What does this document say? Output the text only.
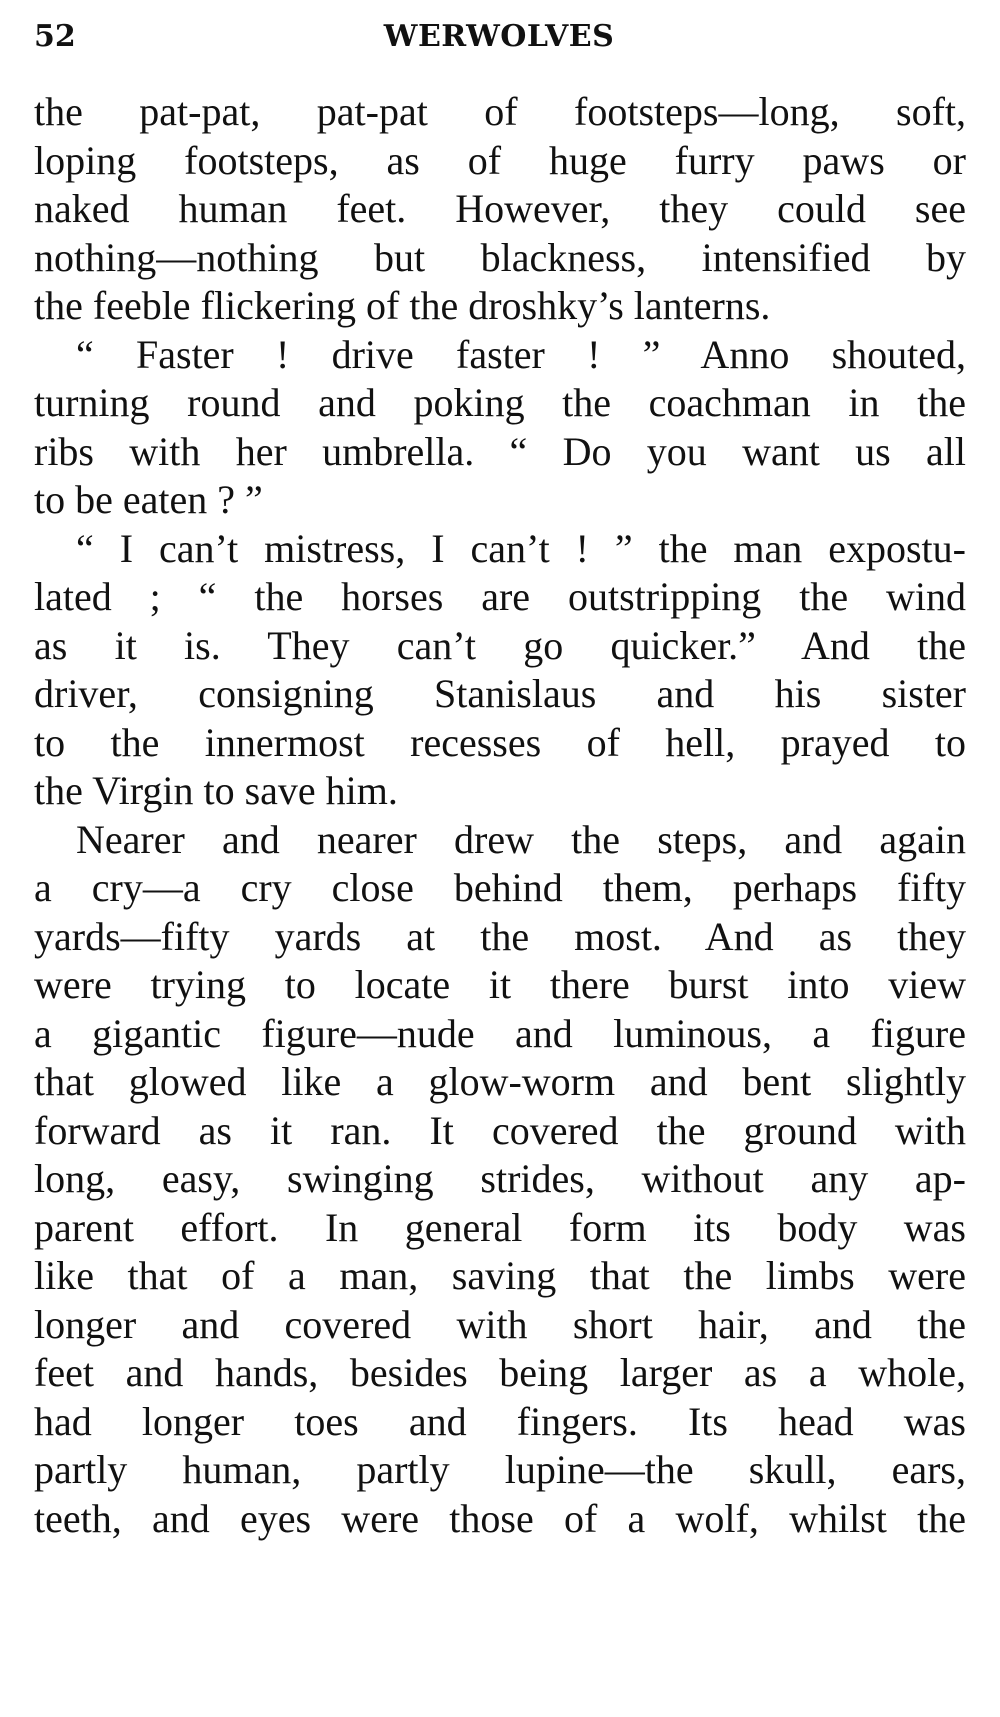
52	WERWOLVES
the pat-pat, pat-pat of footsteps—long, soft,
loping footsteps, as of huge furry paws or
naked human feet. However, they could see
nothing—nothing but blackness, intensified by
the feeble flickering of the droshky’s lanterns.
“ Faster ! drive faster ! ” Anno shouted,
turning round and poking the coachman in the
ribs with her umbrella. “ Do you want us all
to be eaten ? ”
“ I can’t mistress, I can’t ! ” the man expostu-
lated ; “ the horses are outstripping the wind
as it is. They can’t go quicker.” And the
driver, consigning Stanislaus and his sister
to the innermost recesses of hell, prayed to
the Virgin to save him.
Nearer and nearer drew the steps, and again
a cry—a cry close behind them, perhaps fifty
yards—fifty yards at the most. And as they
were trying to locate it there burst into view
a gigantic figure—nude and luminous, a figure
that glowed like a glow-worm and bent slightly
forward as it ran. It covered the ground with
long, easy, swinging strides, without any ap-
parent effort. In general form its body was
like that of a man, saving that the limbs were
longer and covered with short hair, and the
feet and hands, besides being larger as a whole,
had longer toes and fingers. Its head was
partly human, partly lupine—the skull, ears,
teeth, and eyes were those of a wolf, whilst the
